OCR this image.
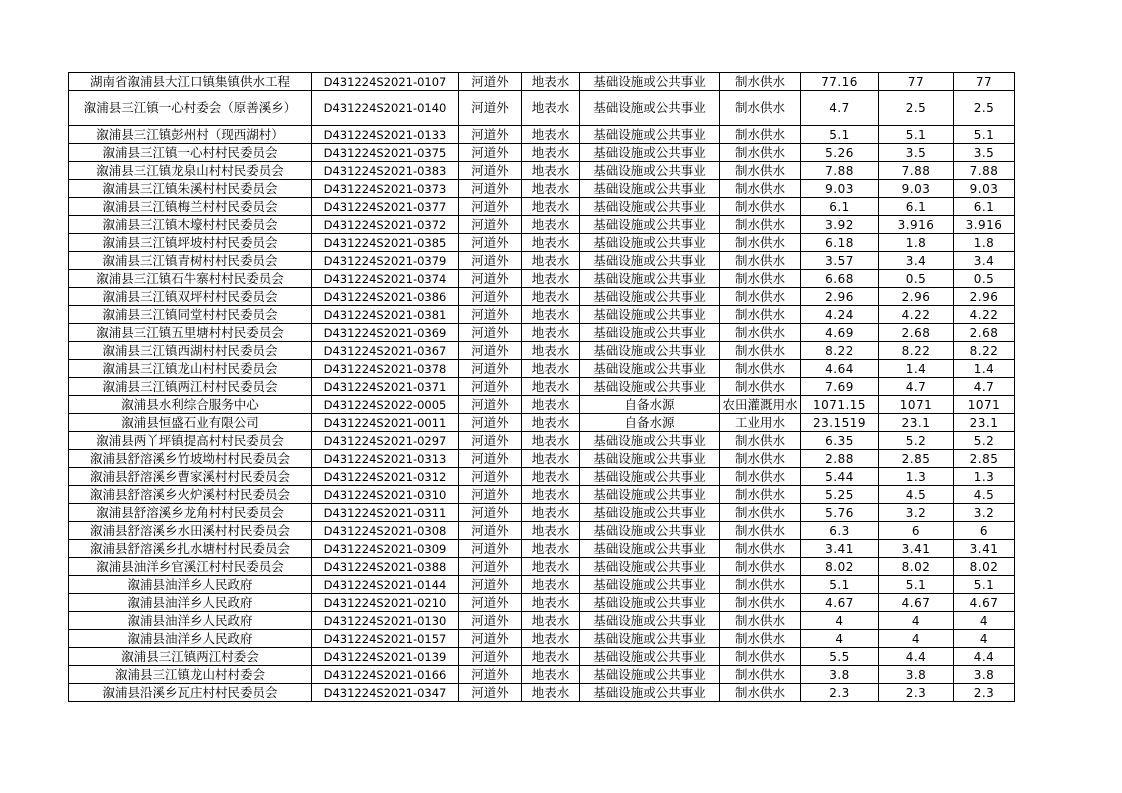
湖南省溆浦县大江口镇集镇供水工程	D431224S2021-0107	河道外	地表水	基础设施或公共事业	制水供水	77.16	77	77
溆浦县三江镇一心村委会（原善溪乡）	D431224S2021-0140	河道外	地表水	基础设施或公共事业	制水供水	4.7	2.5	2.5
溆浦县三江镇彭州村（现西湖村）	D431224S2021-0133	河道外	地表水	基础设施或公共事业	制水供水	5.1	5.1	5.1
溆浦县三江镇一心村村民委员会	D431224S2021-0375	河道外	地表水	基础设施或公共事业	制水供水	5.26	3.5	3.5
溆浦县三江镇龙泉山村村民委员会	D431224S2021-0383	河道外	地表水	基础设施或公共事业	制水供水	7.88	7.88	7.88
溆浦县三江镇朱溪村村民委员会	D431224S2021-0373	河道外	地表水	基础设施或公共事业	制水供水	9.03	9.03	9.03
溆浦县三江镇梅兰村村民委员会	D431224S2021-0377	河道外	地表水	基础设施或公共事业	制水供水	6.1	6.1	6.1
溆浦县三江镇木壕村村民委员会	D431224S2021-0372	河道外	地表水	基础设施或公共事业	制水供水	3.92	3.916	3.916
溆浦县三江镇坪坡村村民委员会	D431224S2021-0385	河道外	地表水	基础设施或公共事业	制水供水	6.18	1.8	1.8
溆浦县三江镇青树村村民委员会	D431224S2021-0379	河道外	地表水	基础设施或公共事业	制水供水	3.57	3.4	3.4
溆浦县三江镇石牛寨村村民委员会	D431224S2021-0374	河道外	地表水	基础设施或公共事业	制水供水	6.68	0.5	0.5
溆浦县三江镇双坪村村民委员会	D431224S2021-0386	河道外	地表水	基础设施或公共事业	制水供水	2.96	2.96	2.96
溆浦县三江镇同堂村村民委员会	D431224S2021-0381	河道外	地表水	基础设施或公共事业	制水供水	4.24	4.22	4.22
溆浦县三江镇五里塘村村民委员会	D431224S2021-0369	河道外	地表水	基础设施或公共事业	制水供水	4.69	2.68	2.68
溆浦县三江镇西湖村村民委员会	D431224S2021-0367	河道外	地表水	基础设施或公共事业	制水供水	8.22	8.22	8.22
溆浦县三江镇龙山村村民委员会	D431224S2021-0378	河道外	地表水	基础设施或公共事业	制水供水	4.64	1.4	1.4
溆浦县三江镇两江村村民委员会	D431224S2021-0371	河道外	地表水	基础设施或公共事业	制水供水	7.69	4.7	4.7
溆浦县水利综合服务中心	D431224S2022-0005	河道外	地表水	自备水源	农田灌溉用水	1071.15	1071	1071
溆浦县恒盛石业有限公司	D431224S2021-0011	河道外	地表水	自备水源	工业用水	23.1519	23.1	23.1
溆浦县两丫坪镇提高村村民委员会	D431224S2021-0297	河道外	地表水	基础设施或公共事业	制水供水	6.35	5.2	5.2
溆浦县舒溶溪乡竹坡坳村村民委员会	D431224S2021-0313	河道外	地表水	基础设施或公共事业	制水供水	2.88	2.85	2.85
溆浦县舒溶溪乡曹家溪村村民委员会	D431224S2021-0312	河道外	地表水	基础设施或公共事业	制水供水	5.44	1.3	1.3
溆浦县舒溶溪乡火炉溪村村民委员会	D431224S2021-0310	河道外	地表水	基础设施或公共事业	制水供水	5.25	4.5	4.5
溆浦县舒溶溪乡龙角村村民委员会	D431224S2021-0311	河道外	地表水	基础设施或公共事业	制水供水	5.76	3.2	3.2
溆浦县舒溶溪乡水田溪村村民委员会	D431224S2021-0308	河道外	地表水	基础设施或公共事业	制水供水	6.3	6	6
溆浦县舒溶溪乡扎水塘村村民委员会	D431224S2021-0309	河道外	地表水	基础设施或公共事业	制水供水	3.41	3.41	3.41
溆浦县油洋乡官溪江村村民委员会	D431224S2021-0388	河道外	地表水	基础设施或公共事业	制水供水	8.02	8.02	8.02
溆浦县油洋乡人民政府	D431224S2021-0144	河道外	地表水	基础设施或公共事业	制水供水	5.1	5.1	5.1
溆浦县油洋乡人民政府	D431224S2021-0210	河道外	地表水	基础设施或公共事业	制水供水	4.67	4.67	4.67
溆浦县油洋乡人民政府	D431224S2021-0130	河道外	地表水	基础设施或公共事业	制水供水	4	4	4
溆浦县油洋乡人民政府	D431224S2021-0157	河道外	地表水	基础设施或公共事业	制水供水	4	4	4
溆浦县三江镇两江村委会	D431224S2021-0139	河道外	地表水	基础设施或公共事业	制水供水	5.5	4.4	4.4
溆浦县三江镇龙山村村委会	D431224S2021-0166	河道外	地表水	基础设施或公共事业	制水供水	3.8	3.8	3.8
溆浦县沿溪乡瓦庄村村民委员会	D431224S2021-0347	河道外	地表水	基础设施或公共事业	制水供水	2.3	2.3	2.3
